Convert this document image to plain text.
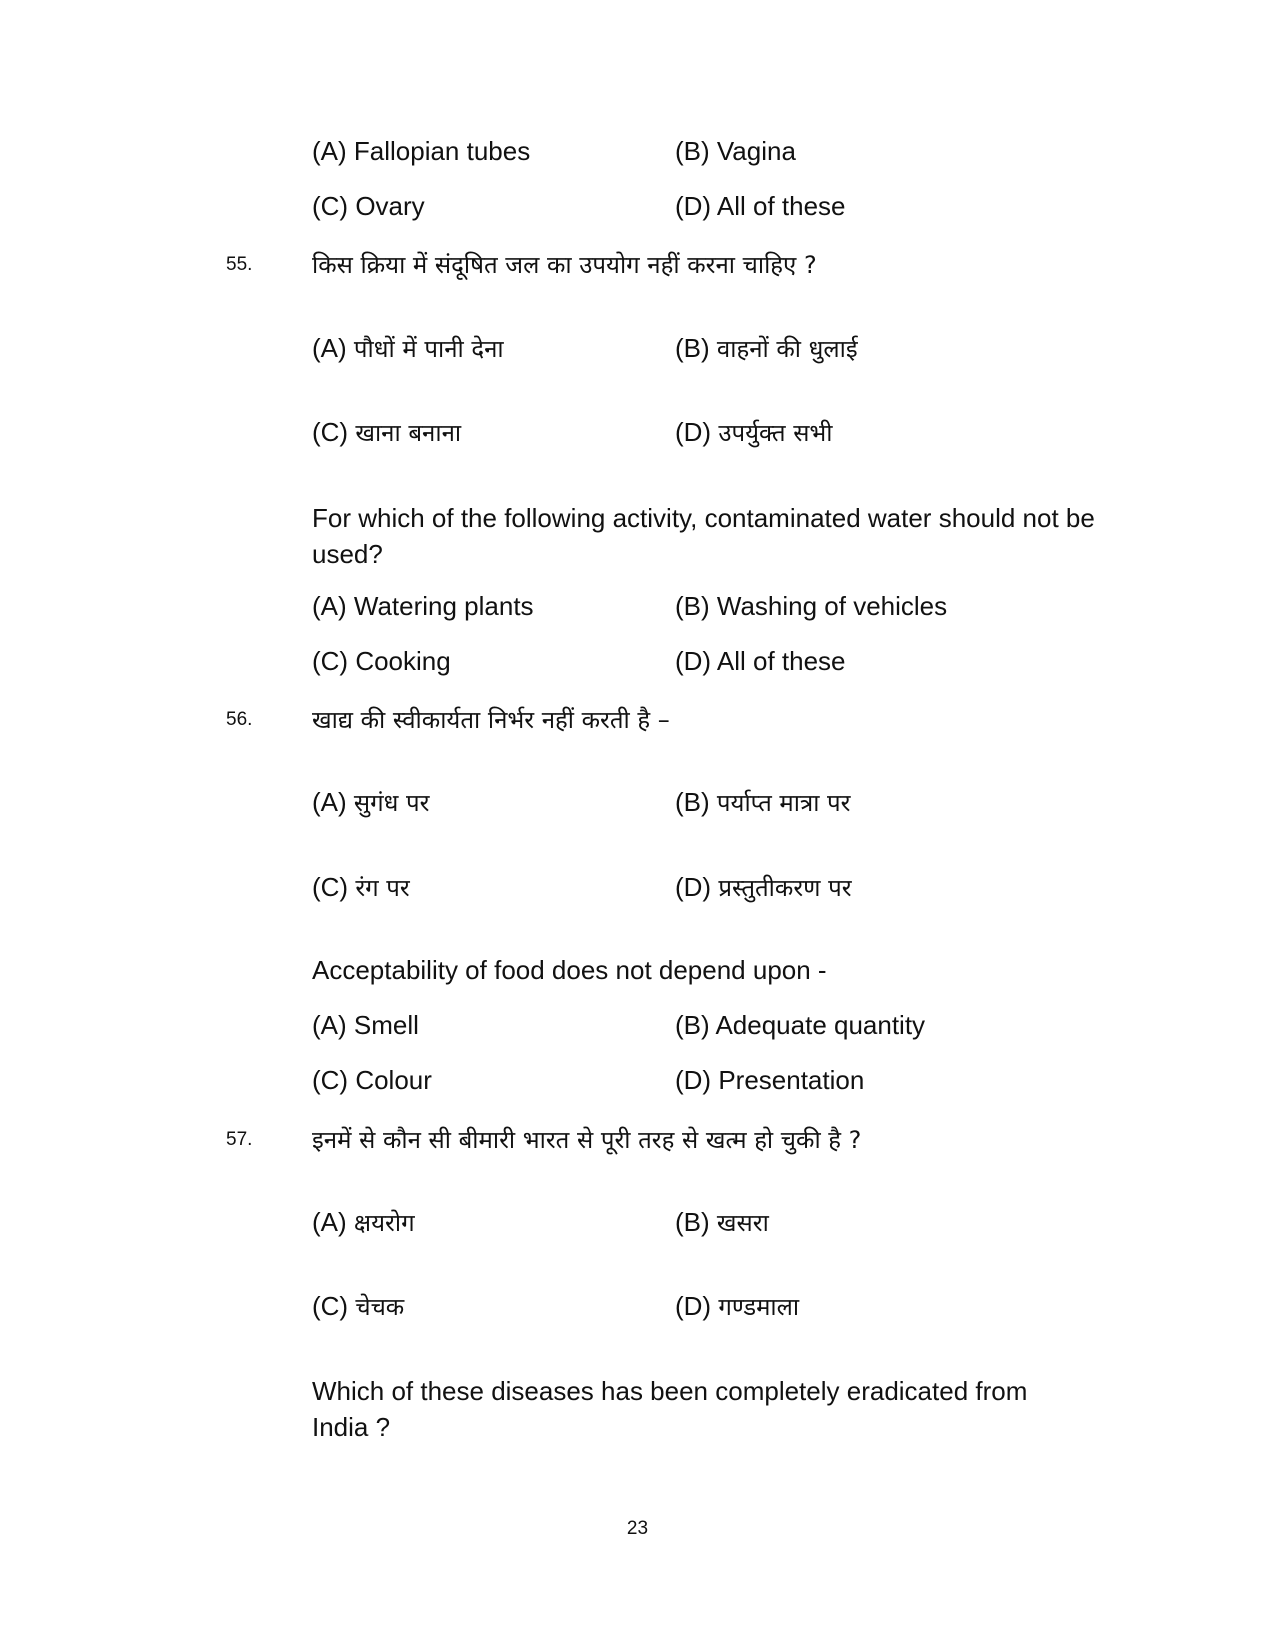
(A) Fallopian tubes	(B) Vagina
(C) Ovary	(D) All of these
55. किस क्रिया में संदूषित जल का उपयोग नहीं करना चाहिए ?
(A) पौधों में पानी देना	(B) वाहनों की धुलाई
(C) खाना बनाना	(D) उपर्युक्त सभी
For which of the following activity, contaminated water should not be used?
(A) Watering plants	(B) Washing of vehicles
(C) Cooking	(D) All of these
56. खाद्य की स्वीकार्यता निर्भर नहीं करती है –
(A) सुगंध पर	(B) पर्याप्त मात्रा पर
(C) रंग पर	(D) प्रस्तुतीकरण पर
Acceptability of food does not depend upon -
(A) Smell	(B) Adequate quantity
(C) Colour	(D) Presentation
57. इनमें से कौन सी बीमारी भारत से पूरी तरह से खत्म हो चुकी है ?
(A) क्षयरोग	(B) खसरा
(C) चेचक	(D) गण्डमाला
Which of these diseases has been completely eradicated from India ?
23
